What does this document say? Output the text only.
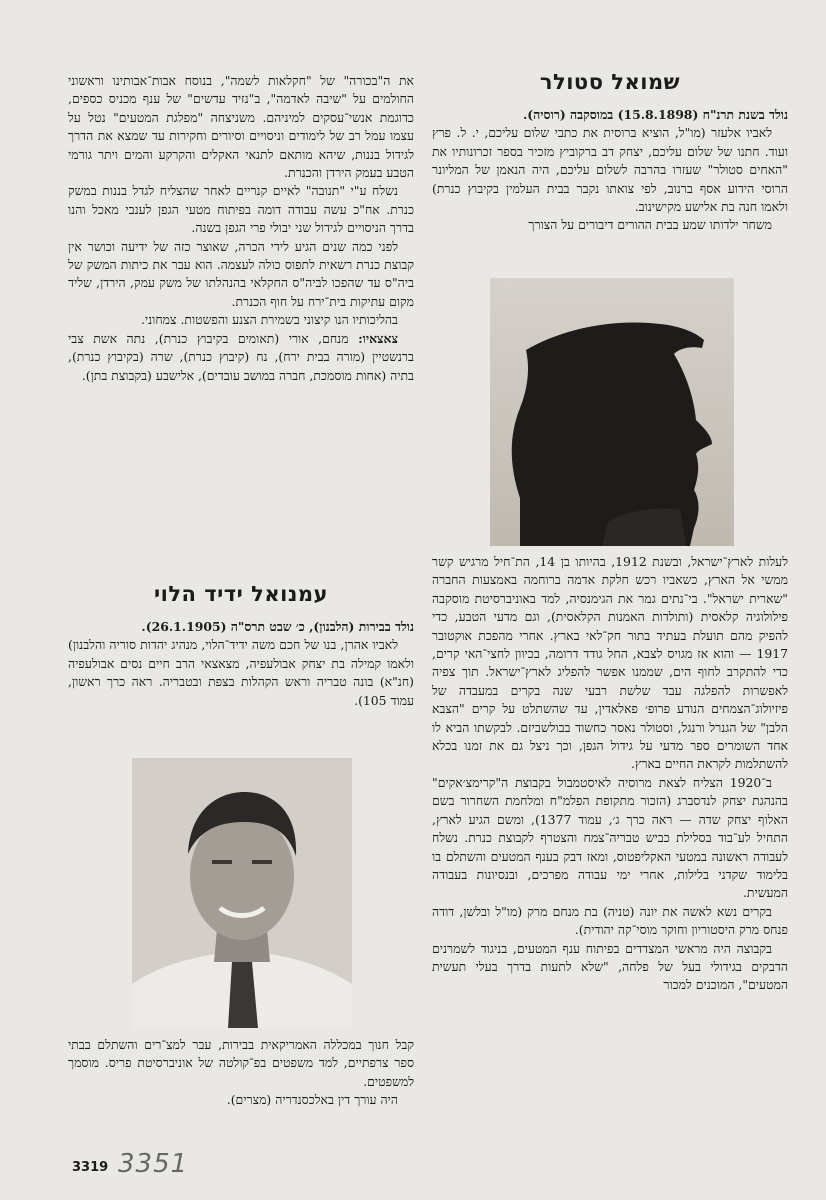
שמואל סטולר

נולד בשנת תרנ"ח (15.8.1898) במוסקבה (רוסיה).

לאביו אלעזר (מו"ל, הוציא ברוסית את כתבי שלום עליכם, י. ל. פרץ ועוד. חתנו של שלום עליכם, יצחק דב ברקוביץ מזכיר בספר זכרונותיו את "האחים סטולר" שעזרו בהרבה לשלום עליכם, היה הנאמן של המליונר הרוסי הידוע אסף ברנוב, לפי צואתו נקבר בבית העלמין בקיבוץ כנרת) ולאמו חנה בת אלישע מקישינוב.

משחר ילדותו שמע בבית ההורים דיבורים על הצורך

לעלות לארץ־ישראל, ובשנת 1912, בהיותו בן 14, הת־חיל מרגיש קשר ממשי אל הארץ, כשאביו רכש חלקת אדמה ברוחמה באמצעות החברה "שארית ישראל". בי־נתים גמר את הגימנסיה, למד באוניברסיטת מוסקבה פילולוגיה קלאסית (ותולדות האמנות הקלאסית), וגם מדעי הטבע, כדי להפיק מהם תועלת בעתיד בתור חק־לאי בארץ. אחרי מהפכת אוקטובר 1917 — והוא אז מגויס לצבא, החל גודד דרומה, בכיוון לחצי־האי קרים, כדי להתקרב לחוף הים, שממנו אפשר להפליג לארץ־ישראל. תוך צפיה לאפשרות להפלגה עבד שלשת רבעי שנה בקרים במעבדה של פיזיולוג־הצמחים הנודע פרופ׳ פאלאדין, עד שהשתלט על קרים "הצבא הלבן" של הגנרל ורנגל, וסטולר נאסר כחשוד בבולשביזם. לבקשתו הביא לו אחד השומרים ספר מדעי על גידול הגפן, וכך ניצל גם את זמנו בכלא להשתלמות לקראת החיים בארץ.

ב־1920 הצליח לצאת מרוסיה לאיסטמבול בקבוצת ה"קרימצ׳אקים" בהנהגת יצחק לנדסברג (הזכור מתקופת הפלמ"ח ומלחמת השחרור בשם האלוף יצחק שדה — ראה כרך ג׳, עמוד 1377), ומשם הגיע לארץ, התחיל לע־בוד בסלילת כביש טבריה־צמח והצטרף לקבוצת כנרת. נשלח לעבודה ראשונה במטעי האקליפטוס, ומאז דבק בענף המטעים והשתלם בו בלימוד שקדני בלילות, אחרי ימי עבודה מפרכים, ובנסיונות בעבודה המעשית.

בקרים נשא לאשה את יונה (טניה) בת מנחם מרק (מו"ל ובלשן, דודה פנחס מרק היסטוריון וחוקר מוסי־קה יהודית).

בקבוצה היה מראשי המצדדים בפיתוח ענף המטעים, בניגוד לשמרנים הדבקים בגידולי בעל של פלחה, "שלא לתעות בדרך בעלי תעשית המטעים", המוכנים למכור

את ה"בכורה" של "חקלאות לשמה", בנוסח אבות־אבותינו וראשוני החולמים על "שיבה לאדמה", ב"נזיד עדשים" של ענף מכניס כספים, כדוגמת אנשי־עסקים למיניהם. משניצחה "מפלגת המטעים" נטל על עצמו עמל רב של לימודים וניסויים וסיורים וחקירות עד שמצא את הדרך לגידול בננות, שיהא מותאם לתנאי האקלים והקרקע והמים ויתר גורמי הטבע בעמק הירדן והכנרת.

נשלח ע"י "תנובה" לאיים קנריים לאחר שהצליח לגדל בננות במשק כנרת. אח"כ עשה עבודה דומה בפיתוח מטעי הגפן לענבי מאכל והנו בדרך הניסויים לגידול שני יבולי פרי הגפן בשנה.

לפני כמה שנים הגיע לידי הכרה, שאוצר כזה של ידיעה וכושר אין קבוצת כנרת רשאית לתפוס כולה לעצמה. הוא עבר את כיתות המשק של ביה"ס עד שהפכו לביה"ס החקלאי בהנהלתו של משק עמק, הירדן, שליד מקום עתיקות בית־ירח על חוף הכנרת.

בהליכותיו הנו קיצוני בשמירת הצנע והפשטות. צמחוני.

צאצאיו: מנחם, אורי (תאומים בקיבוץ כנרת), נתה אשת צבי ברנשטיין (מורה בבית ירח), נח (קיבוץ כנרת), שרה (בקיבוץ כנרת), בתיה (אחות מוסמכת, חברה במושב עובדים), אלישבע (בקבוצת בתן).

עמנואל ידיד הלוי

נולד בבירות (הלבנון), כ׳ שבט תרס"ה (26.1.1905).

לאביו אהרן, בנו של חכם משה ידיד־הלוי, מנהיג יהדות סוריה והלבנון) ולאמו קמילה בת יצחק אבולעפיה, מצאצאי הרב חיים נסים אבולעפיה (חנ"א) בונה טבריה וראש הקהלות בצפת ובטבריה. ראה כרך ראשון, עמוד 105).

קבל חנוך במכללה האמריקאית בבירות, עבר למצ־רים והשתלם בבתי ספר צרפתיים, למד משפטים בפ־קולטה של אוניברסיטת פריס. מוסמך למשפטים.

היה עורך דין באלכסנדריה (מצרים).

3319 3351
